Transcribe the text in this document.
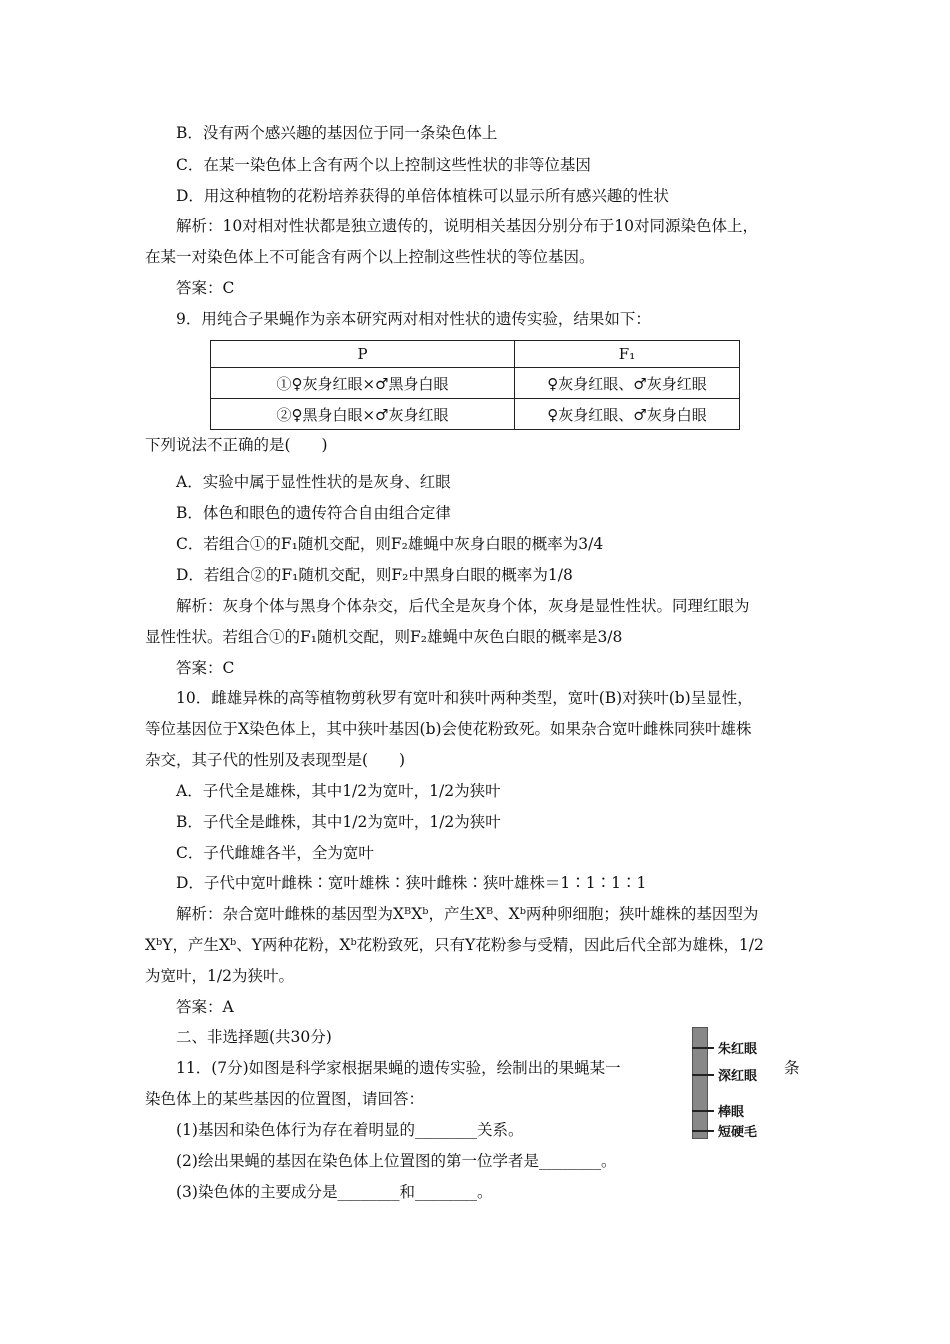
B．没有两个感兴趣的基因位于同一条染色体上
C．在某一染色体上含有两个以上控制这些性状的非等位基因
D．用这种植物的花粉培养获得的单倍体植株可以显示所有感兴趣的性状
解析：10对相对性状都是独立遗传的，说明相关基因分别分布于10对同源染色体上，
在某一对染色体上不可能含有两个以上控制这些性状的等位基因。
答案：C
9．用纯合子果蝇作为亲本研究两对相对性状的遗传实验，结果如下：
P	F₁
①♀灰身红眼×♂黑身白眼	♀灰身红眼、♂灰身红眼
②♀黑身白眼×♂灰身红眼	♀灰身红眼、♂灰身白眼
下列说法不正确的是(　　)
A．实验中属于显性性状的是灰身、红眼
B．体色和眼色的遗传符合自由组合定律
C．若组合①的F₁随机交配，则F₂雄蝇中灰身白眼的概率为3/4
D．若组合②的F₁随机交配，则F₂中黑身白眼的概率为1/8
解析：灰身个体与黑身个体杂交，后代全是灰身个体，灰身是显性性状。同理红眼为
显性性状。若组合①的F₁随机交配，则F₂雄蝇中灰色白眼的概率是3/8
答案：C
10．雌雄异株的高等植物剪秋罗有宽叶和狭叶两种类型，宽叶(B)对狭叶(b)呈显性，
等位基因位于X染色体上，其中狭叶基因(b)会使花粉致死。如果杂合宽叶雌株同狭叶雄株
杂交，其子代的性别及表现型是(　　)
A．子代全是雄株，其中1/2为宽叶，1/2为狭叶
B．子代全是雌株，其中1/2为宽叶，1/2为狭叶
C．子代雌雄各半，全为宽叶
D．子代中宽叶雌株∶宽叶雄株∶狭叶雌株∶狭叶雄株＝1∶1∶1∶1
解析：杂合宽叶雌株的基因型为XᴮXᵇ，产生Xᴮ、Xᵇ两种卵细胞；狭叶雄株的基因型为
XᵇY，产生Xᵇ、Y两种花粉，Xᵇ花粉致死，只有Y花粉参与受精，因此后代全部为雄株，1/2
为宽叶，1/2为狭叶。
答案：A
二、非选择题(共30分)
11．(7分)如图是科学家根据果蝇的遗传实验，绘制出的果蝇某一	条
染色体上的某些基因的位置图，请回答：
(1)基因和染色体行为存在着明显的________关系。
(2)绘出果蝇的基因在染色体上位置图的第一位学者是________。
(3)染色体的主要成分是________和________。
朱红眼
深红眼
棒眼
短硬毛
